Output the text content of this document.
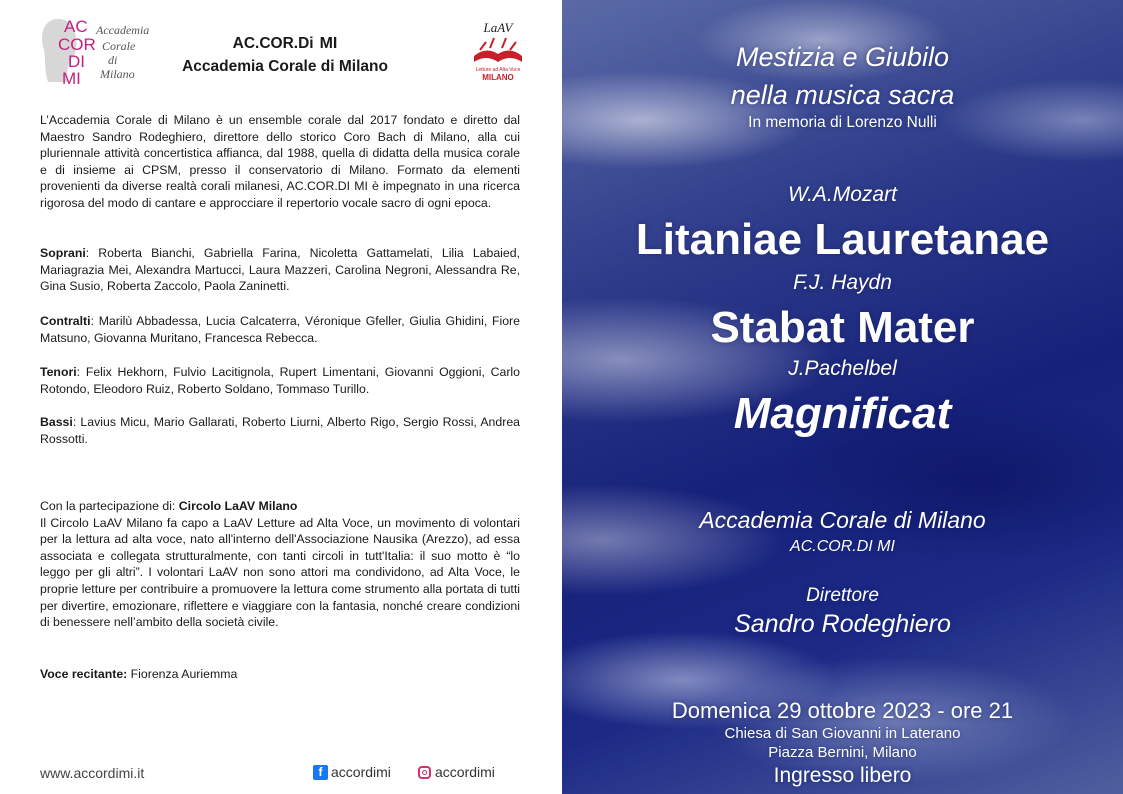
AC
COR
DI
MI
Accademia
Corale
di
Milano
AC.COR.Di MI
Accademia Corale di Milano
LaAV
Letture ad Alta Voce
MILANO
L’Accademia Corale di Milano è un ensemble corale dal 2017 fondato e diretto dal Maestro Sandro Rodeghiero, direttore dello storico Coro Bach di Milano, alla cui pluriennale attività concertistica affianca, dal 1988, quella di didatta della musica corale e di insieme ai CPSM, presso il conservatorio di Milano. Formato da elementi provenienti da diverse realtà corali milanesi, AC.COR.DI MI è impegnato in una ricerca rigorosa del modo di cantare e approcciare il repertorio vocale sacro di ogni epoca.
Soprani: Roberta Bianchi, Gabriella Farina, Nicoletta Gattamelati, Lilia Labaied, Mariagrazia Mei, Alexandra Martucci, Laura Mazzeri, Carolina Negroni, Alessandra Re, Gina Susio, Roberta Zaccolo, Paola Zaninetti.
Contralti: Marilù Abbadessa, Lucia Calcaterra, Véronique Gfeller, Giulia Ghidini, Fiore Matsuno, Giovanna Muritano, Francesca Rebecca.
Tenori: Felix Hekhorn, Fulvio Lacitignola, Rupert Limentani, Giovanni Oggioni, Carlo Rotondo, Eleodoro Ruiz, Roberto Soldano, Tommaso Turillo.
Bassi: Lavius Micu, Mario Gallarati, Roberto Liurni, Alberto Rigo, Sergio Rossi, Andrea Rossotti.
Con la partecipazione di: Circolo LaAV Milano
Il Circolo LaAV Milano fa capo a LaAV Letture ad Alta Voce, un movimento di volontari per la lettura ad alta voce, nato all'interno dell'Associazione Nausika (Arezzo), ad essa associata e collegata strutturalmente, con tanti circoli in tutt'Italia: il suo motto è “lo leggo per gli altri”. I volontari LaAV non sono attori ma condividono, ad Alta Voce, le proprie letture per contribuire a promuovere la lettura come strumento alla portata di tutti per divertire, emozionare, riflettere e viaggiare con la fantasia, nonché creare condizioni di benessere nell’ambito della società civile.
Voce recitante: Fiorenza Auriemma
www.accordimi.it	f accordimi	accordimi
Mestizia e Giubilo
nella musica sacra
In memoria di Lorenzo Nulli
W.A.Mozart
Litaniae Lauretanae
F.J. Haydn
Stabat Mater
J.Pachelbel
Magnificat
Accademia Corale di Milano
AC.COR.DI MI
Direttore
Sandro Rodeghiero
Domenica 29 ottobre 2023 - ore 21
Chiesa di San Giovanni in Laterano
Piazza Bernini, Milano
Ingresso libero
